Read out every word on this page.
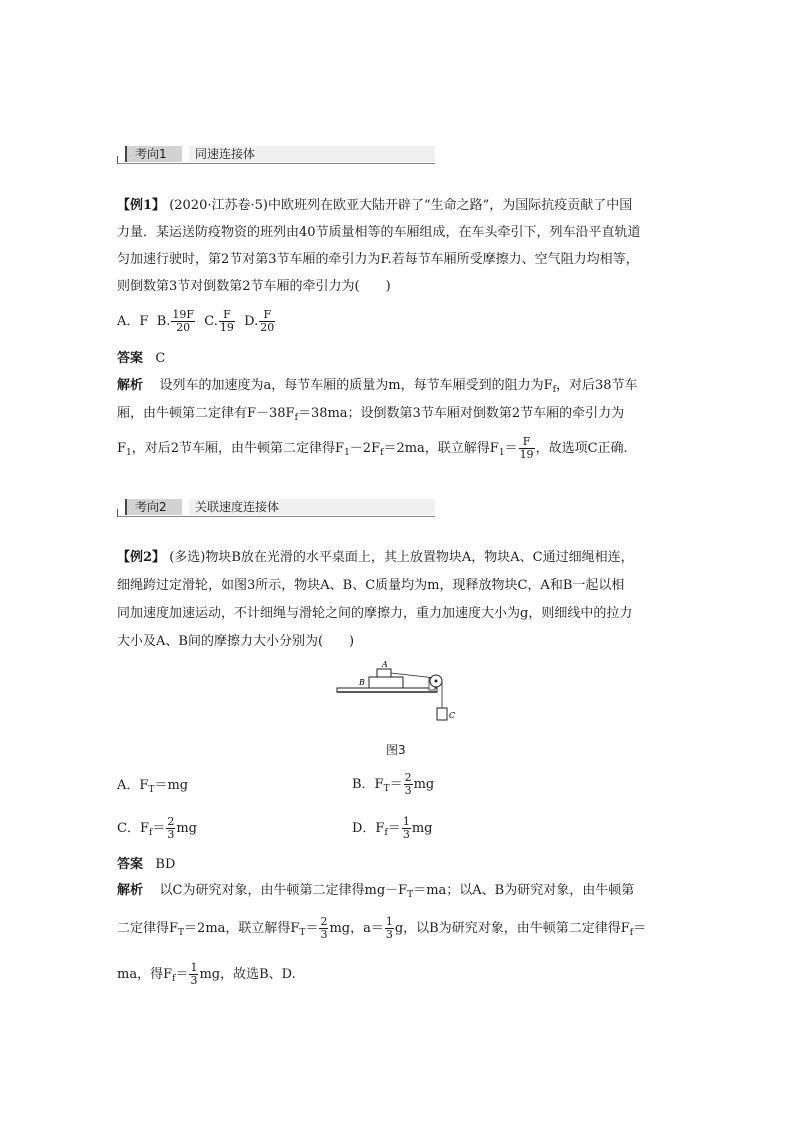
考向1	同速连接体
【例1】 (2020·江苏卷·5)中欧班列在欧亚大陆开辟了“生命之路”，为国际抗疫贡献了中国
力量．某运送防疫物资的班列由40节质量相等的车厢组成，在车头牵引下，列车沿平直轨道
匀加速行驶时，第2节对第3节车厢的牵引力为F.若每节车厢所受摩擦力、空气阻力均相等，
则倒数第3节对倒数第2节车厢的牵引力为(　　)
A．F B. $\frac{19F}{20} C$. $\frac{F}{19} D$. $\frac{F}{20}$
答案 C
解析 设列车的加速度为a，每节车厢的质量为m，每节车厢受到的阻力为$F_f$，对后38节车
厢，由牛顿第二定律有$F-38F_f=38ma$；设倒数第3节车厢对倒数第2节车厢的牵引力为
$F_1$，对后2节车厢，由牛顿第二定律得$F_1-2F_f=2ma$，联立解得$F_1= \frac{F}{19}$ ，故选项C正确.
考向2	关联速度连接体
【例2】 (多选)物块B放在光滑的水平桌面上，其上放置物块A，物块A、C通过细绳相连，
细绳跨过定滑轮，如图3所示，物块A、B、C质量均为m，现释放物块C，A和B一起以相
同加速度加速运动，不计细绳与滑轮之间的摩擦力，重力加速度大小为g，则细线中的拉力
大小及A、B间的摩擦力大小分别为(　　)
A
B
C
图3
A．$F_T=mg$	B．$F_T= \frac{2}{3}$ mg
C．$F_f= \frac{2}{3}$ mg	D．$F_f= \frac{1}{3}$ mg
答案 BD
解析 以C为研究对象，由牛顿第二定律得$mg-F_T=ma$；以A、B为研究对象，由牛顿第
二定律得$F_T=2ma$，联立解得$F_T= \frac{2}{3}$ mg，$a= \frac{1}{3}$ g，以B为研究对象，由牛顿第二定律得$F_f=$
ma，得$F_f= \frac{1}{3}$ mg，故选B、D.
